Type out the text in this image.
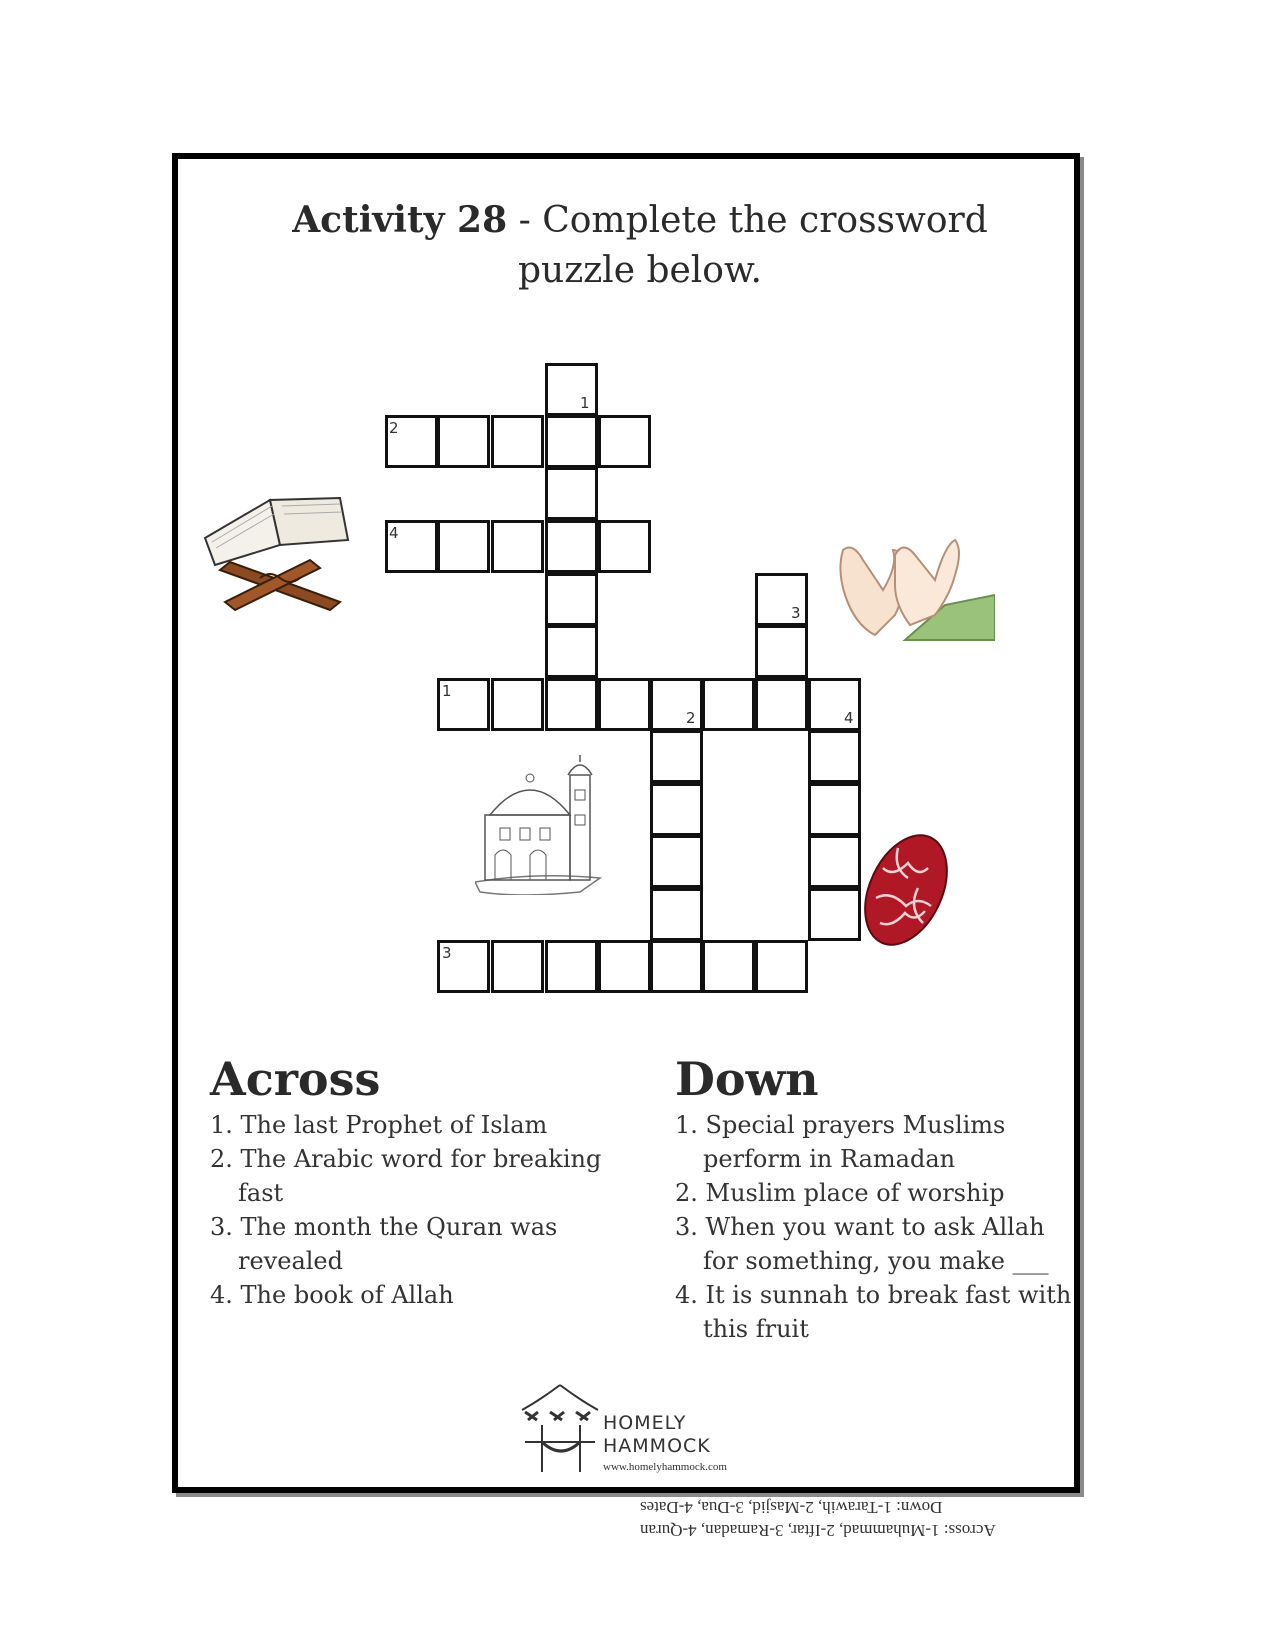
Activity 28 - Complete the crossword puzzle below.
1
2
4
3
1
2	4
3
Across
1. The last Prophet of Islam
2. The Arabic word for breaking fast
3. The month the Quran was revealed
4. The book of Allah
Down
1. Special prayers Muslims perform in Ramadan
2. Muslim place of worship
3. When you want to ask Allah for something, you make ___
4. It is sunnah to break fast with this fruit
HOMELY
HAMMOCK
www.homelyhammock.com
Down: 1-Tarawih, 2-Masjid, 3-Dua, 4-Dates
Across: 1-Muhammad, 2-Iftar, 3-Ramadan, 4-Quran
